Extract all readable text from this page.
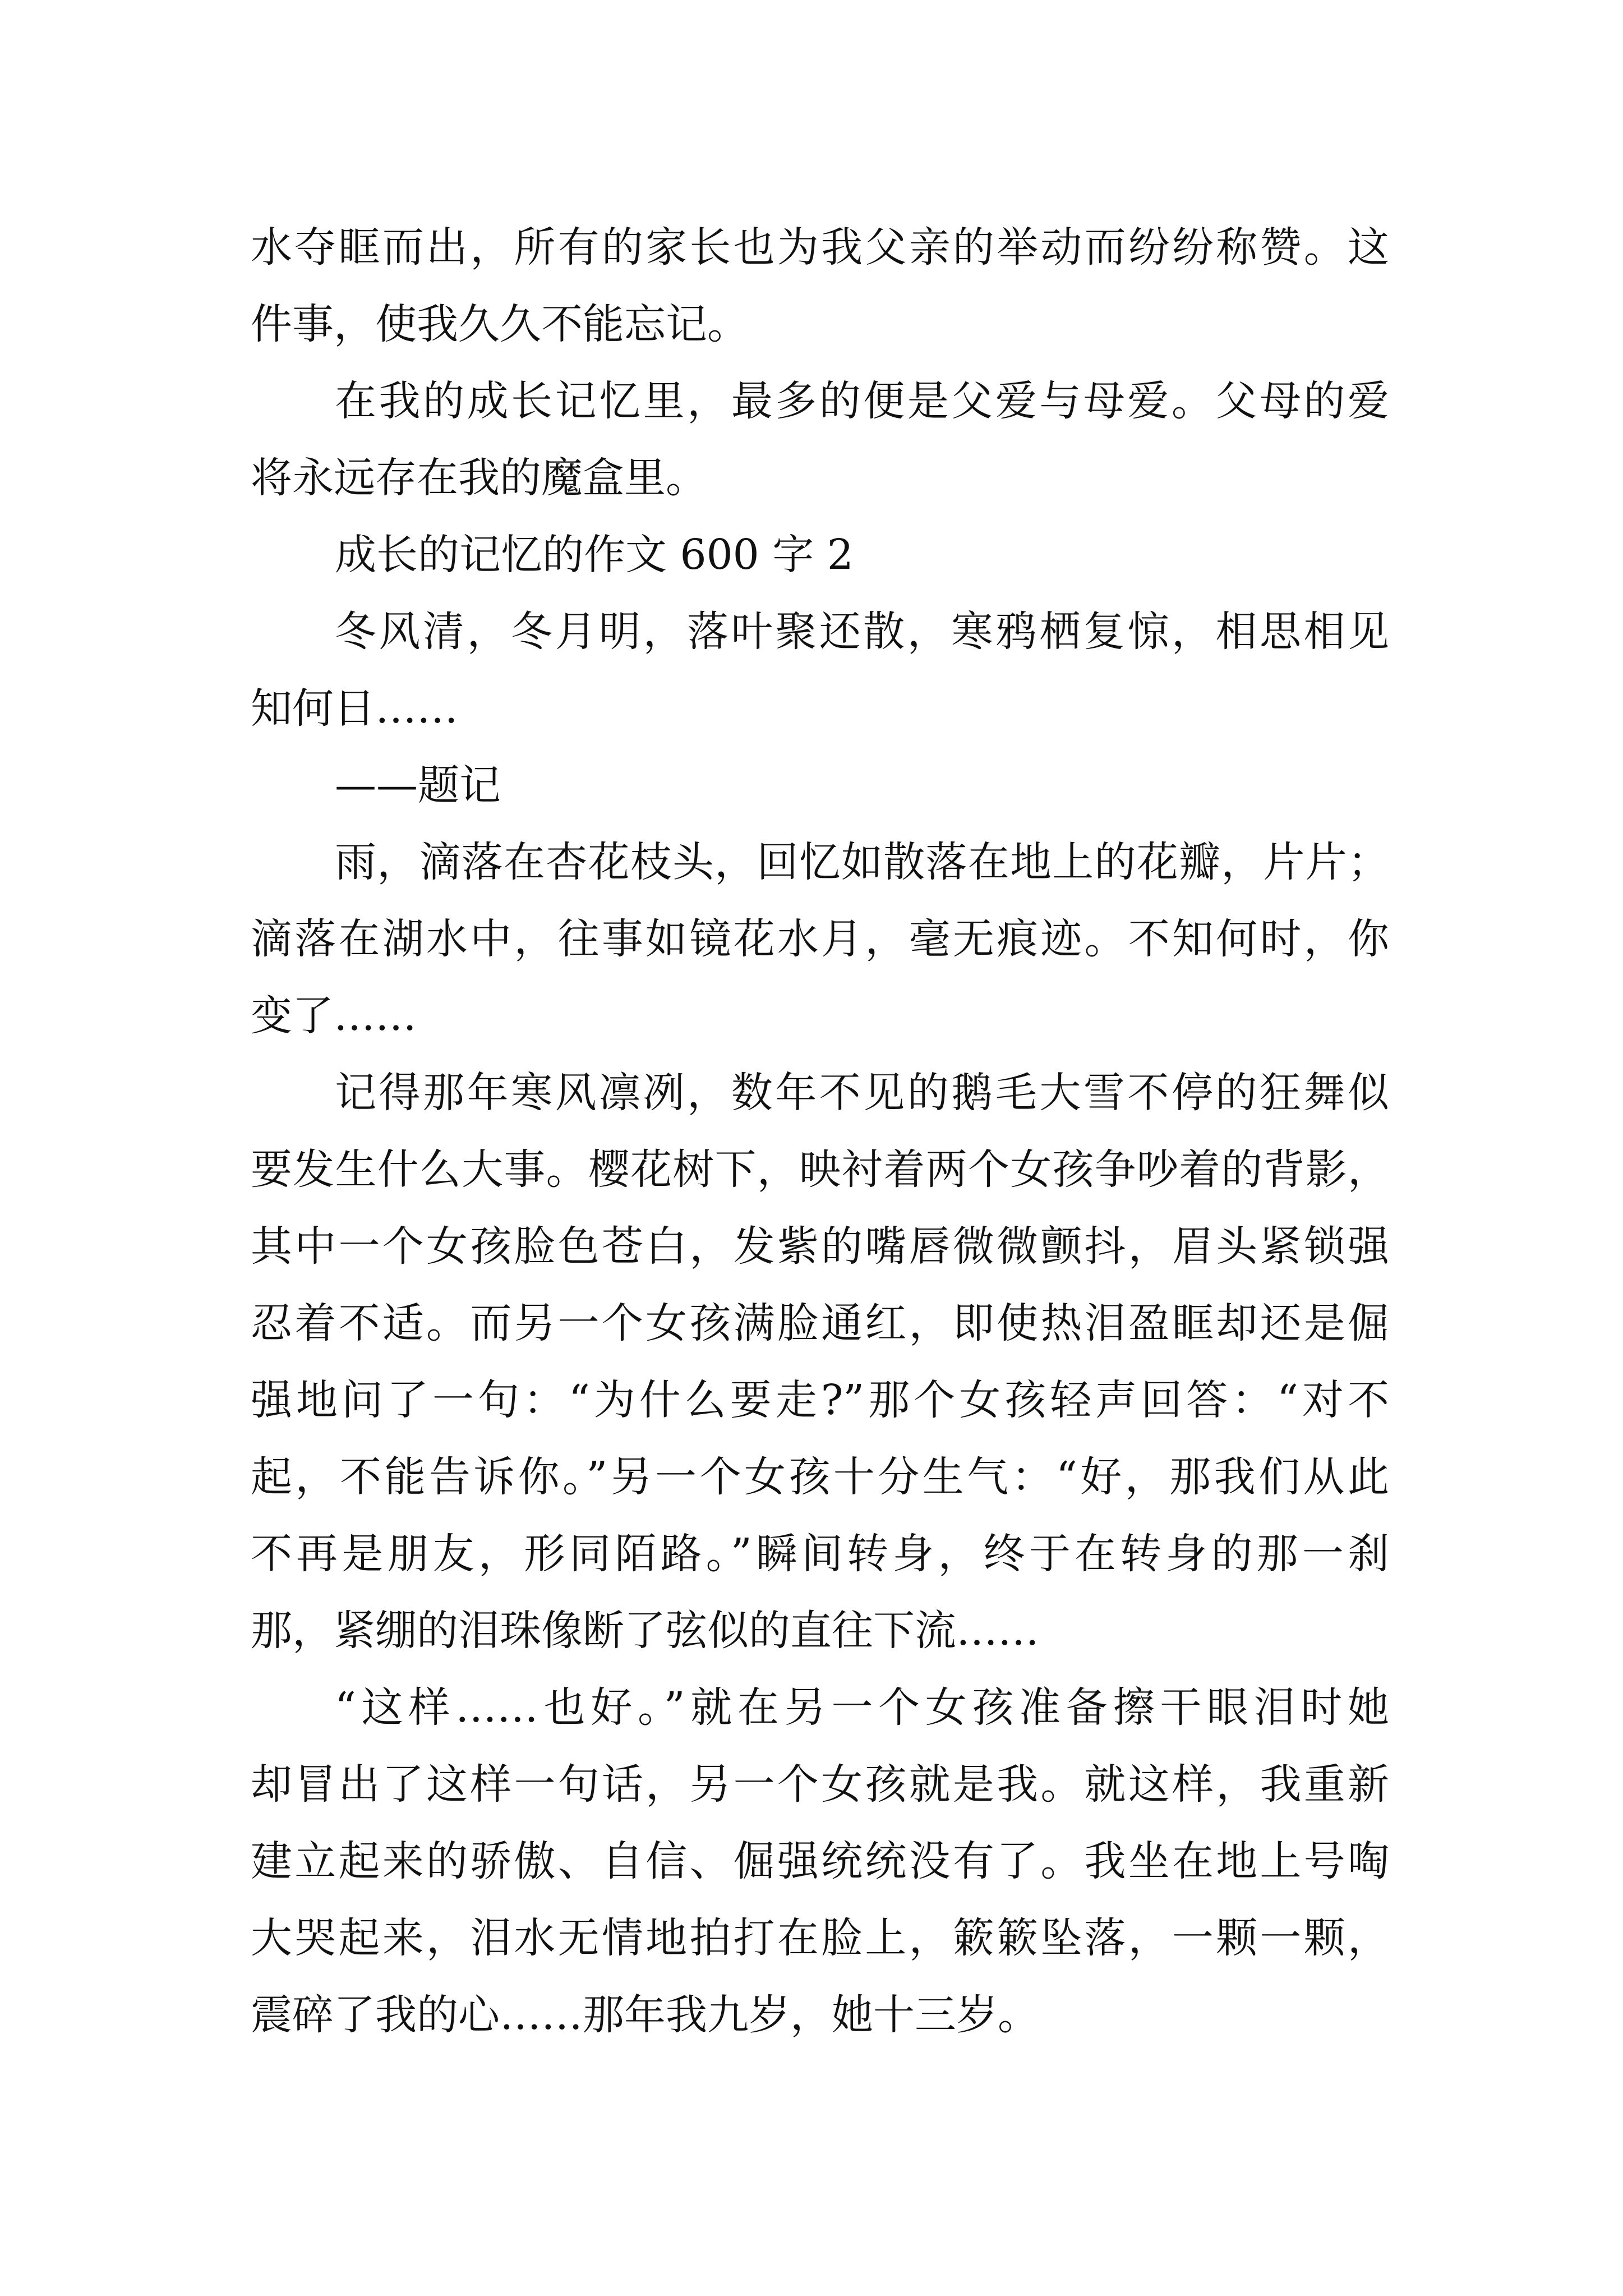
水夺眶而出，所有的家长也为我父亲的举动而纷纷称赞。这
件事，使我久久不能忘记。
在我的成长记忆里，最多的便是父爱与母爱。父母的爱
将永远存在我的魔盒里。
成长的记忆的作文 600 字 2
冬风清，冬月明，落叶聚还散，寒鸦栖复惊，相思相见
知何日……
——题记
雨，滴落在杏花枝头，回忆如散落在地上的花瓣，片片；
滴落在湖水中，往事如镜花水月，毫无痕迹。不知何时，你
变了……
记得那年寒风凛冽，数年不见的鹅毛大雪不停的狂舞似
要发生什么大事。樱花树下，映衬着两个女孩争吵着的背影，
其中一个女孩脸色苍白，发紫的嘴唇微微颤抖，眉头紧锁强
忍着不适。而另一个女孩满脸通红，即使热泪盈眶却还是倔
强地问了一句：“为什么要走?”那个女孩轻声回答：“对不
起，不能告诉你。”另一个女孩十分生气：“好，那我们从此
不再是朋友，形同陌路。”瞬间转身，终于在转身的那一刹
那，紧绷的泪珠像断了弦似的直往下流……
“这样……也好。”就在另一个女孩准备擦干眼泪时她
却冒出了这样一句话，另一个女孩就是我。就这样，我重新
建立起来的骄傲、自信、倔强统统没有了。我坐在地上号啕
大哭起来，泪水无情地拍打在脸上，簌簌坠落，一颗一颗，
震碎了我的心……那年我九岁，她十三岁。
